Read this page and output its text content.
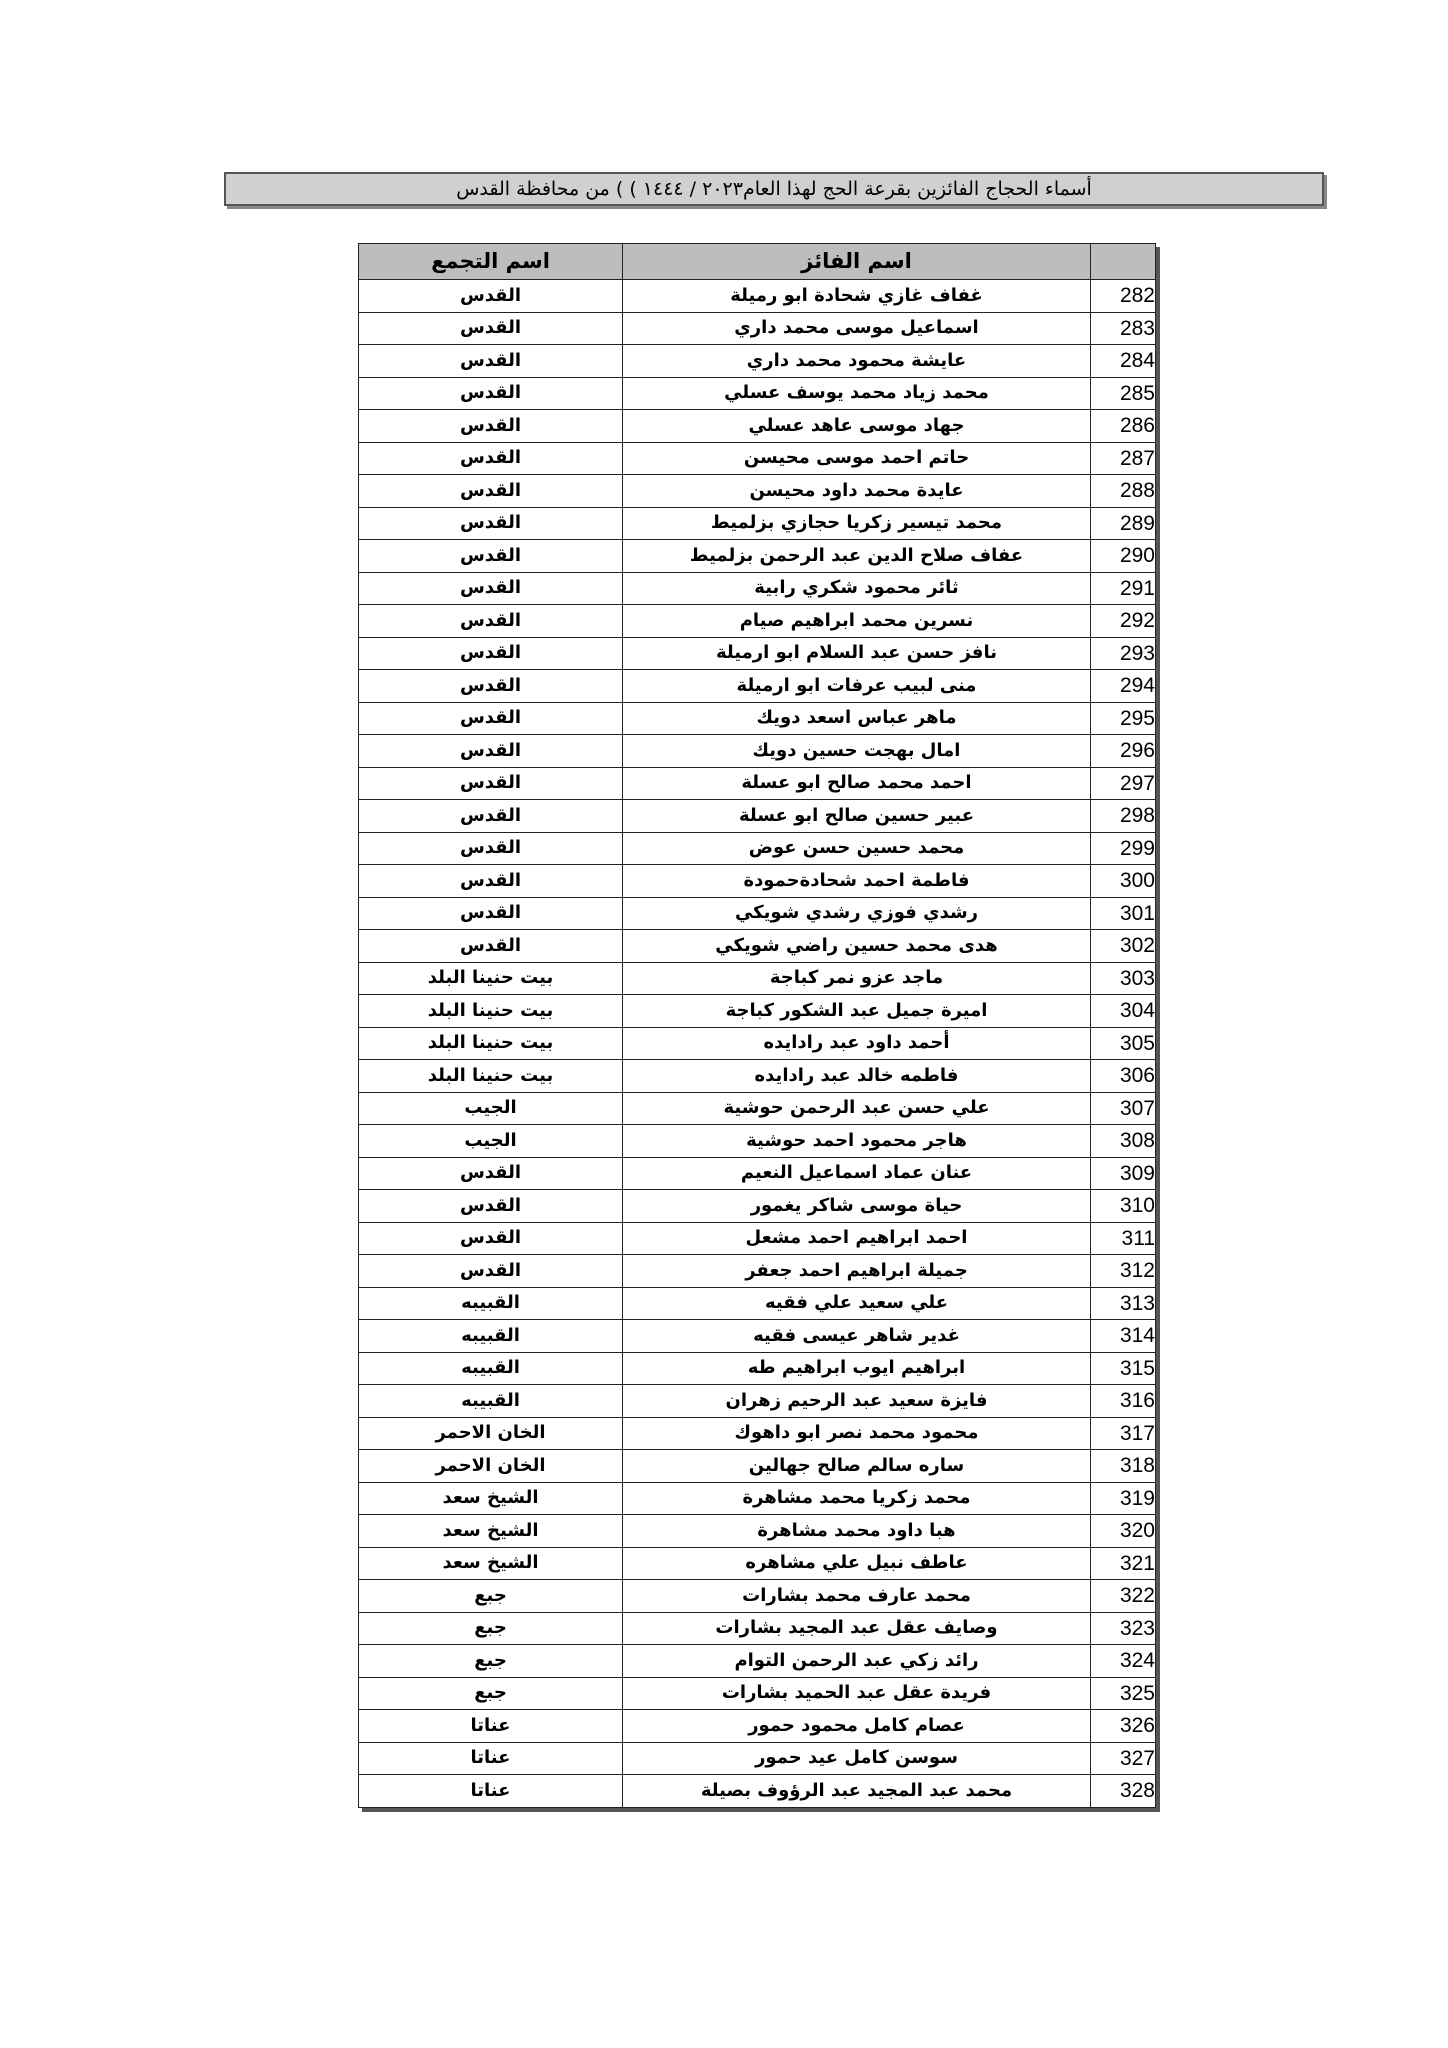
أسماء الحجاج الفائزين بقرعة الحج لهذا العام٢٠٢٣ / ١٤٤٤ ) ) من محافظة القدس
اسم التجمع	اسم الفائز	
القدس	غفاف غازي شحادة ابو رميلة	282
القدس	اسماعيل موسى محمد داري	283
القدس	عايشة محمود محمد داري	284
القدس	محمد زياد محمد يوسف عسلي	285
القدس	جهاد موسى عاهد عسلي	286
القدس	حاتم احمد موسى محيسن	287
القدس	عايدة محمد داود محيسن	288
القدس	محمد تيسير زكريا حجازي بزلميط	289
القدس	عفاف صلاح الدين عبد الرحمن بزلميط	290
القدس	ثائر محمود شكري رابية	291
القدس	نسرين محمد ابراهيم صيام	292
القدس	نافز حسن عبد السلام ابو ارميلة	293
القدس	منى لبيب عرفات ابو ارميلة	294
القدس	ماهر عباس اسعد دويك	295
القدس	امال بهجت حسين دويك	296
القدس	احمد محمد صالح ابو عسلة	297
القدس	عبير حسين صالح ابو عسلة	298
القدس	محمد حسين حسن عوض	299
القدس	فاطمة احمد شحادةحمودة	300
القدس	رشدي فوزي رشدي شويكي	301
القدس	هدى محمد حسين راضي شويكي	302
بيت حنينا البلد	ماجد عزو نمر كباجة	303
بيت حنينا البلد	اميرة جميل عبد الشكور كباجة	304
بيت حنينا البلد	أحمد داود عبد رادايده	305
بيت حنينا البلد	فاطمه خالد عبد رادايده	306
الجيب	علي حسن عبد الرحمن حوشية	307
الجيب	هاجر محمود احمد حوشية	308
القدس	عنان عماد اسماعيل النعيم	309
القدس	حياة موسى شاكر يغمور	310
القدس	احمد ابراهيم احمد مشعل	311
القدس	جميلة ابراهيم احمد جعفر	312
القبيبه	علي سعيد علي فقيه	313
القبيبه	غدير شاهر عيسى فقيه	314
القبيبه	ابراهيم ايوب ابراهيم طه	315
القبيبه	فايزة سعيد عبد الرحيم زهران	316
الخان الاحمر	محمود محمد نصر ابو داهوك	317
الخان الاحمر	ساره سالم صالح جهالين	318
الشيخ سعد	محمد زكريا محمد مشاهرة	319
الشيخ سعد	هبا داود محمد مشاهرة	320
الشيخ سعد	عاطف نبيل علي مشاهره	321
جبع	محمد عارف محمد بشارات	322
جبع	وصايف عقل عبد المجيد بشارات	323
جبع	رائد زكي عبد الرحمن التوام	324
جبع	فريدة عقل عبد الحميد بشارات	325
عناتا	عصام كامل محمود حمور	326
عناتا	سوسن كامل عيد حمور	327
عناتا	محمد عبد المجيد عبد الرؤوف بصيلة	328
